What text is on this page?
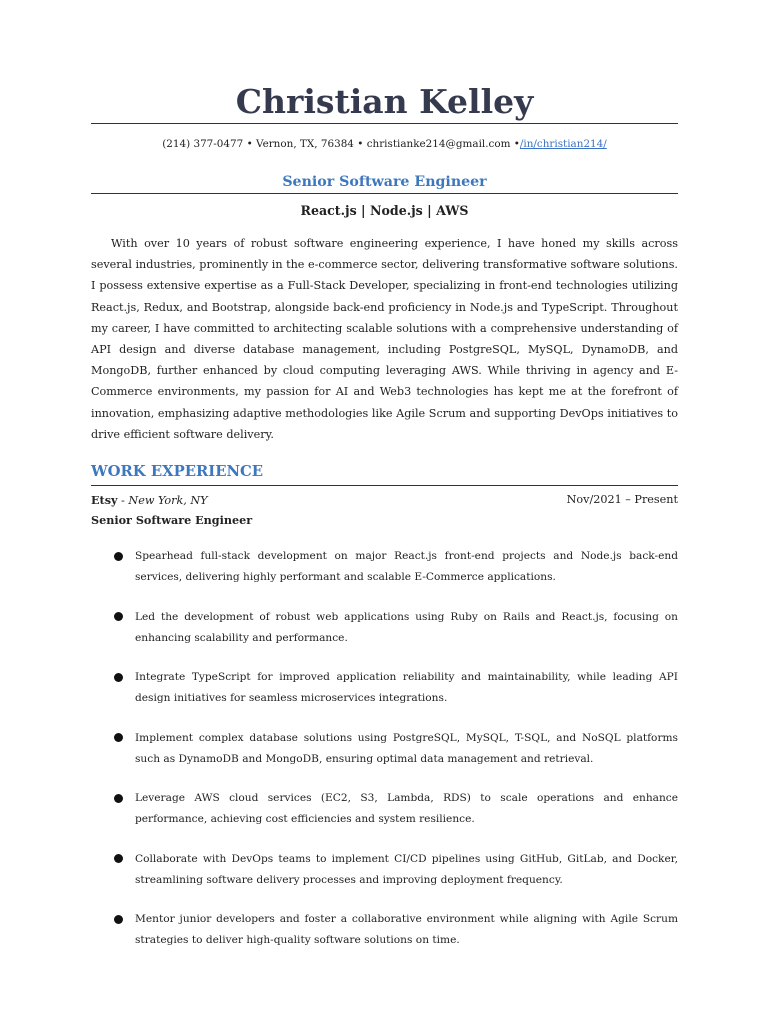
Christian Kelley
(214) 377-0477 • Vernon, TX, 76384 • christianke214@gmail.com •/in/christian214/
Senior Software Engineer
React.js | Node.js | AWS
With over 10 years of robust software engineering experience, I have honed my skills across several industries, prominently in the e-commerce sector, delivering transformative software solutions. I possess extensive expertise as a Full-Stack Developer, specializing in front-end technologies utilizing React.js, Redux, and Bootstrap, alongside back-end proficiency in Node.js and TypeScript. Throughout my career, I have committed to architecting scalable solutions with a comprehensive understanding of API design and diverse database management, including PostgreSQL, MySQL, DynamoDB, and MongoDB, further enhanced by cloud computing leveraging AWS. While thriving in agency and E-Commerce environments, my passion for AI and Web3 technologies has kept me at the forefront of innovation, emphasizing adaptive methodologies like Agile Scrum and supporting DevOps initiatives to drive efficient software delivery.
WORK EXPERIENCE
Etsy - New York, NY	Nov/2021 – Present
Senior Software Engineer
Spearhead full-stack development on major React.js front-end projects and Node.js back-end services, delivering highly performant and scalable E-Commerce applications.
Led the development of robust web applications using Ruby on Rails and React.js, focusing on enhancing scalability and performance.
Integrate TypeScript for improved application reliability and maintainability, while leading API design initiatives for seamless microservices integrations.
Implement complex database solutions using PostgreSQL, MySQL, T-SQL, and NoSQL platforms such as DynamoDB and MongoDB, ensuring optimal data management and retrieval.
Leverage AWS cloud services (EC2, S3, Lambda, RDS) to scale operations and enhance performance, achieving cost efficiencies and system resilience.
Collaborate with DevOps teams to implement CI/CD pipelines using GitHub, GitLab, and Docker, streamlining software delivery processes and improving deployment frequency.
Mentor junior developers and foster a collaborative environment while aligning with Agile Scrum strategies to deliver high-quality software solutions on time.
